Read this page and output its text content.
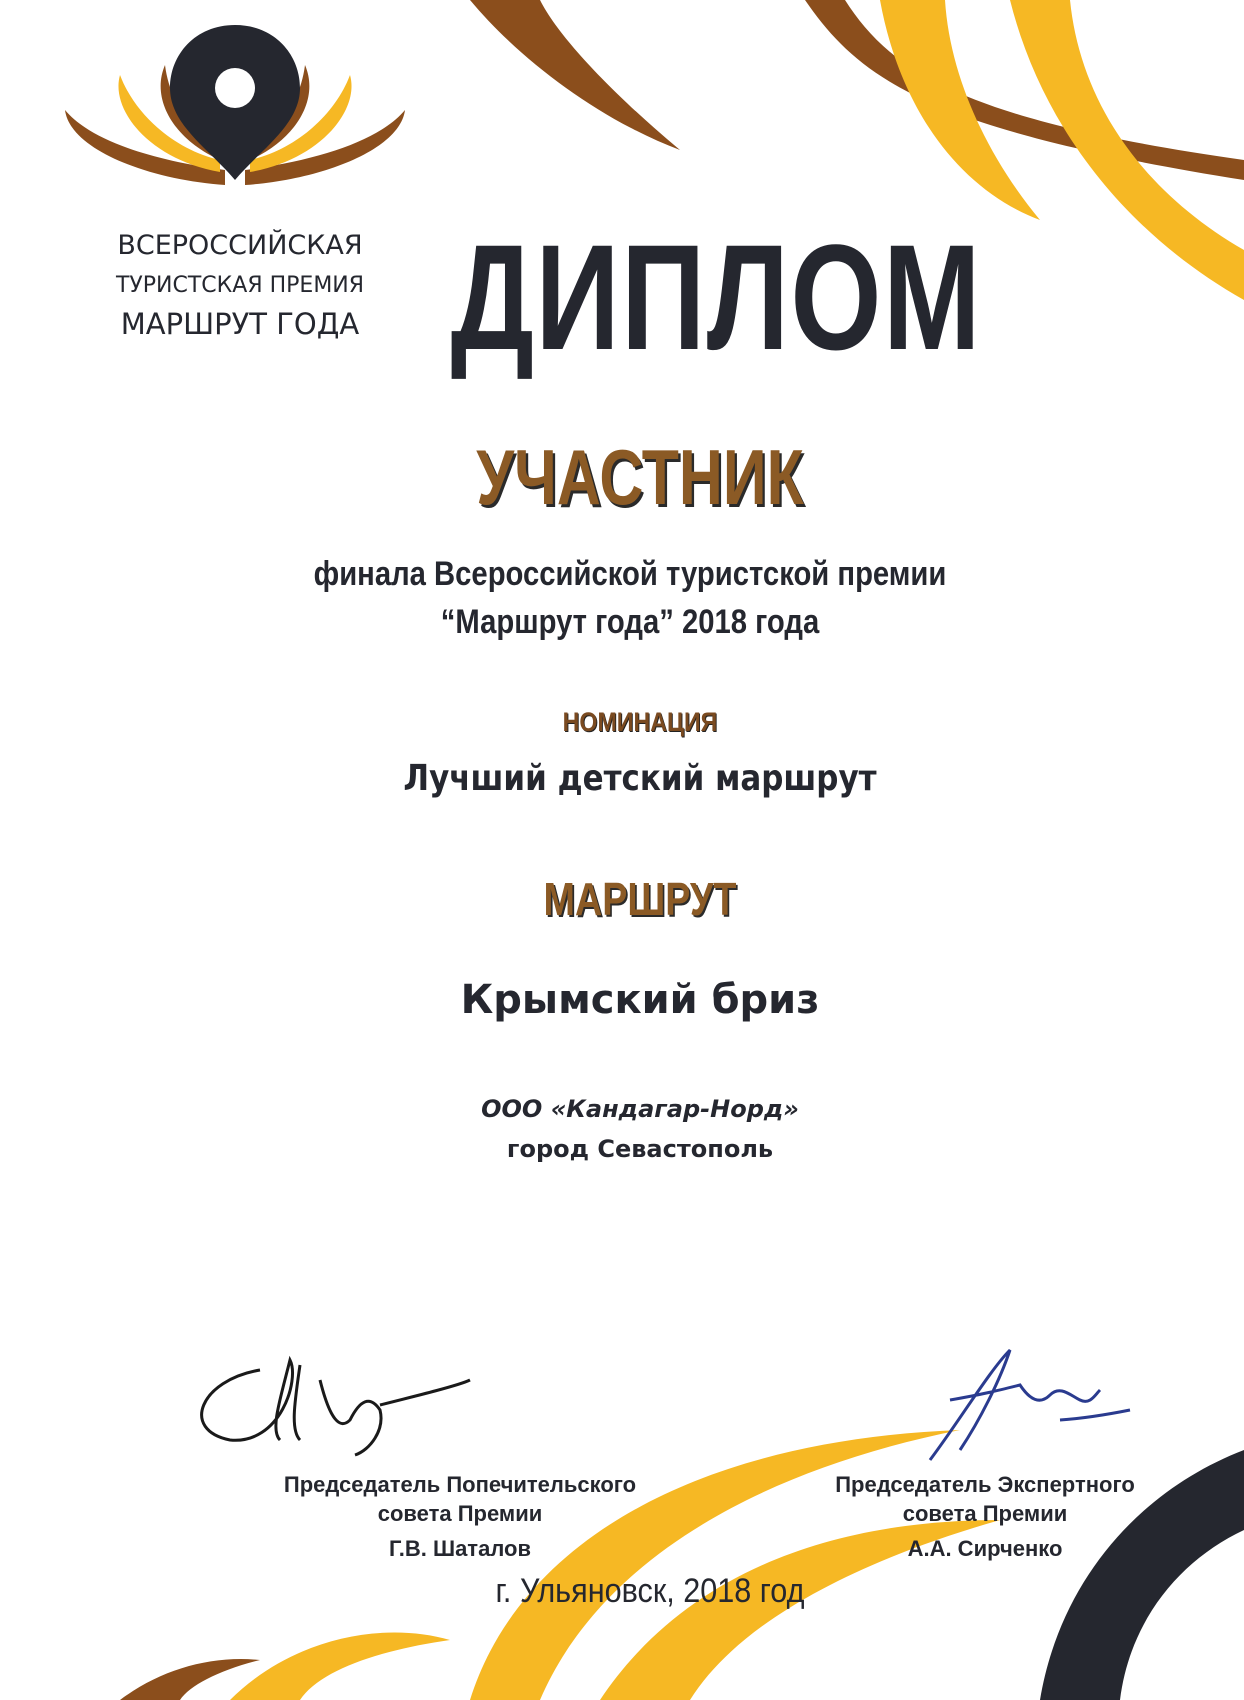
ВСЕРОССИЙСКАЯ
ТУРИСТСКАЯ ПРЕМИЯ
МАРШРУТ ГОДА ДИПЛОМ
УЧАСТНИК
финала Всероссийской туристской премии
“Маршрут года” 2018 года
НОМИНАЦИЯ
Лучший детский маршрут
МАРШРУТ
Крымский бриз
ООО «Кандагар-Норд»
город Севастополь
Председатель Попечительского
совета Премии
Г.В. Шаталов
Председатель Экспертного
совета Премии
А.А. Сирченко
г. Ульяновск, 2018 год
